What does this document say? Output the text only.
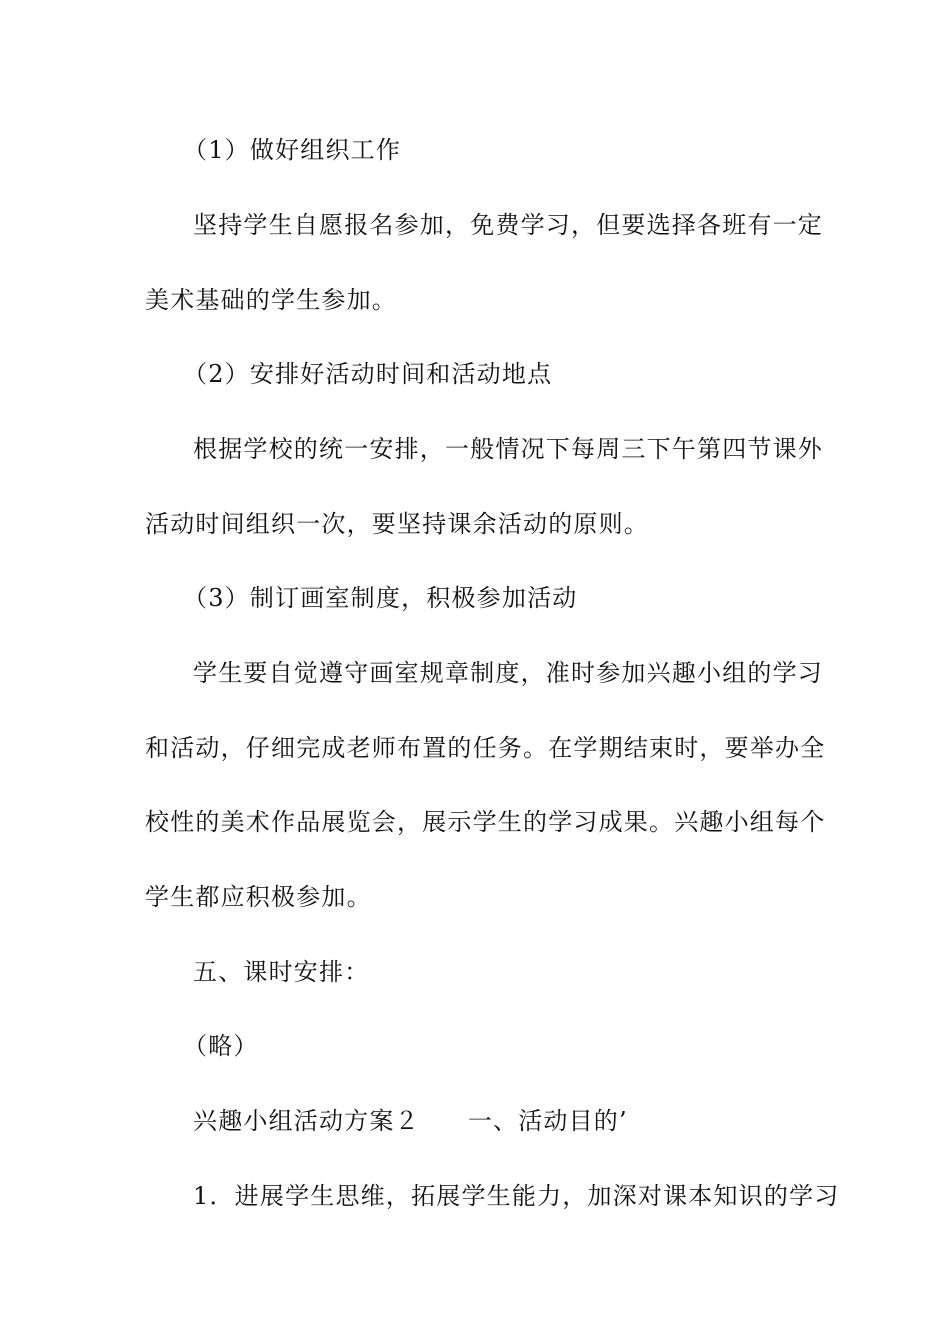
（1）做好组织工作
坚持学生自愿报名参加，免费学习，但要选择各班有一定
美术基础的学生参加。
（2）安排好活动时间和活动地点
根据学校的统一安排，一般情况下每周三下午第四节课外
活动时间组织一次，要坚持课余活动的原则。
（3）制订画室制度，积极参加活动
学生要自觉遵守画室规章制度，准时参加兴趣小组的学习
和活动，仔细完成老师布置的任务。在学期结束时，要举办全
校性的美术作品展览会，展示学生的学习成果。兴趣小组每个
学生都应积极参加。
五、课时安排：
（略）
兴趣小组活动方案２ 一、活动目的’
1．进展学生思维，拓展学生能力，加深对课本知识的学习
